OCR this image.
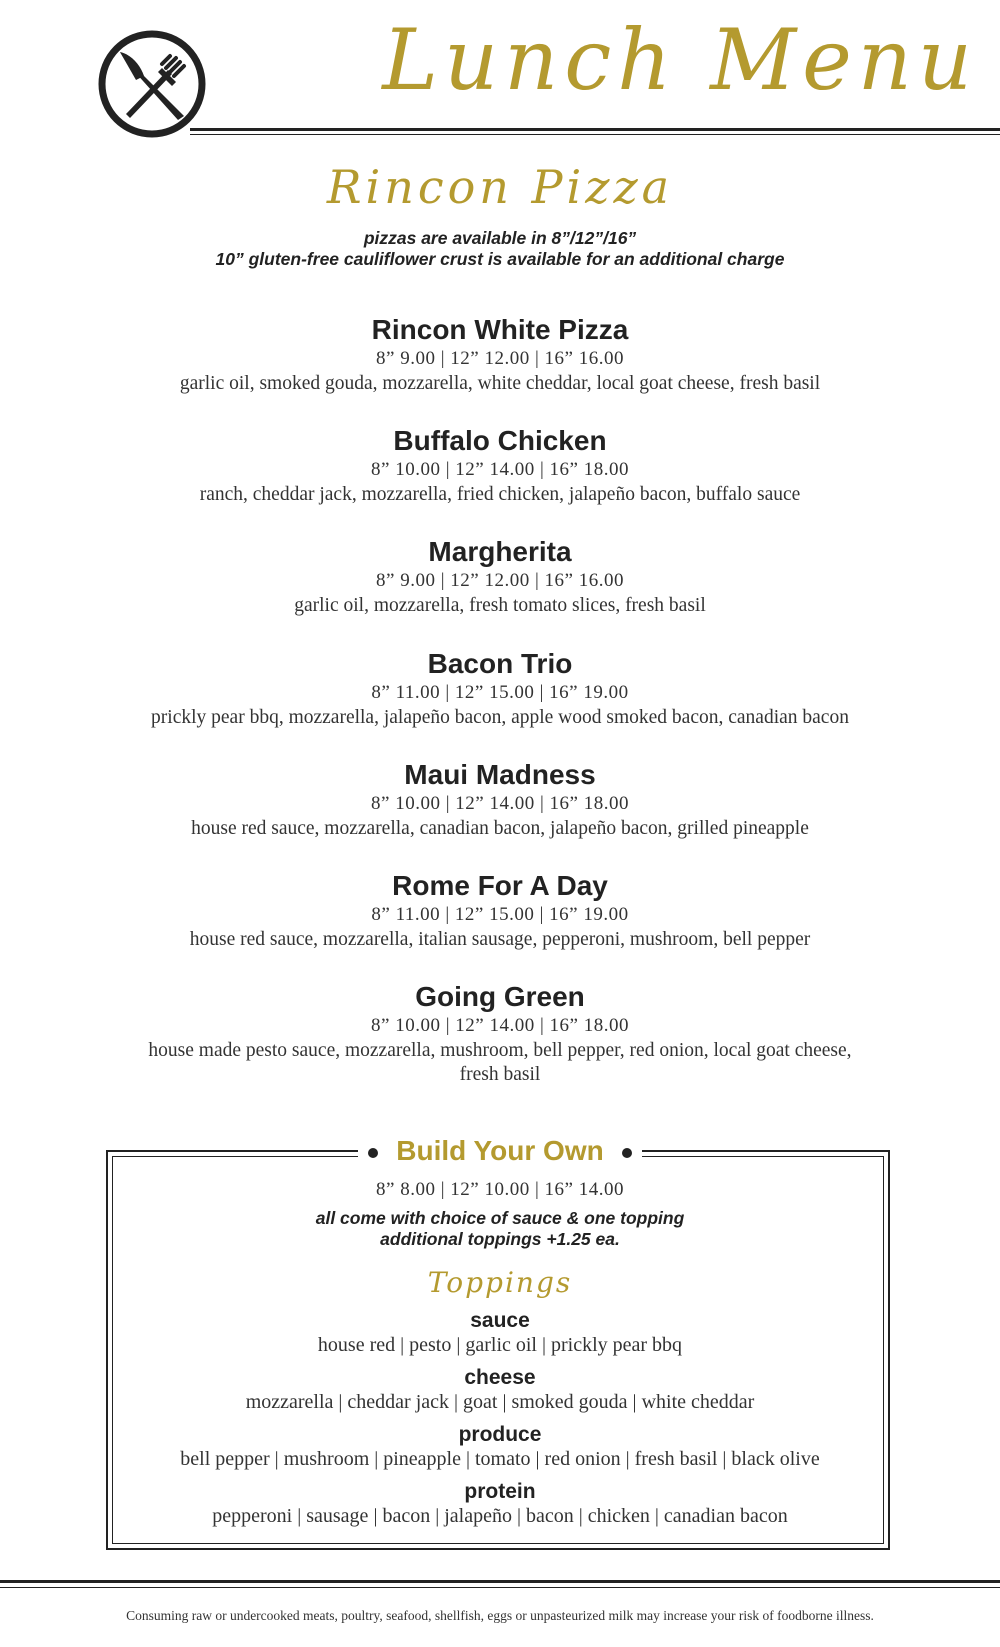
Lunch Menu
Rincon Pizza
pizzas are available in 8”/12”/16”
10” gluten-free cauliflower crust is available for an additional charge
Rincon White Pizza
8” 9.00 | 12” 12.00 | 16” 16.00
garlic oil, smoked gouda, mozzarella, white cheddar, local goat cheese, fresh basil
Buffalo Chicken
8” 10.00 | 12” 14.00 | 16” 18.00
ranch, cheddar jack, mozzarella, fried chicken, jalapeño bacon, buffalo sauce
Margherita
8” 9.00 | 12” 12.00 | 16” 16.00
garlic oil, mozzarella, fresh tomato slices, fresh basil
Bacon Trio
8” 11.00 | 12” 15.00 | 16” 19.00
prickly pear bbq, mozzarella, jalapeño bacon, apple wood smoked bacon, canadian bacon
Maui Madness
8” 10.00 | 12” 14.00 | 16” 18.00
house red sauce, mozzarella, canadian bacon, jalapeño bacon, grilled pineapple
Rome For A Day
8” 11.00 | 12” 15.00 | 16” 19.00
house red sauce, mozzarella, italian sausage, pepperoni, mushroom, bell pepper
Going Green
8” 10.00 | 12” 14.00 | 16” 18.00
house made pesto sauce, mozzarella, mushroom, bell pepper, red onion, local goat cheese,
fresh basil
Build Your Own
8” 8.00 | 12” 10.00 | 16” 14.00
all come with choice of sauce & one topping
additional toppings +1.25 ea.
Toppings
sauce
house red | pesto | garlic oil | prickly pear bbq
cheese
mozzarella | cheddar jack | goat | smoked gouda | white cheddar
produce
bell pepper | mushroom | pineapple | tomato | red onion | fresh basil | black olive
protein
pepperoni | sausage | bacon | jalapeño | bacon | chicken | canadian bacon
Consuming raw or undercooked meats, poultry, seafood, shellfish, eggs or unpasteurized milk may increase your risk of foodborne illness.
